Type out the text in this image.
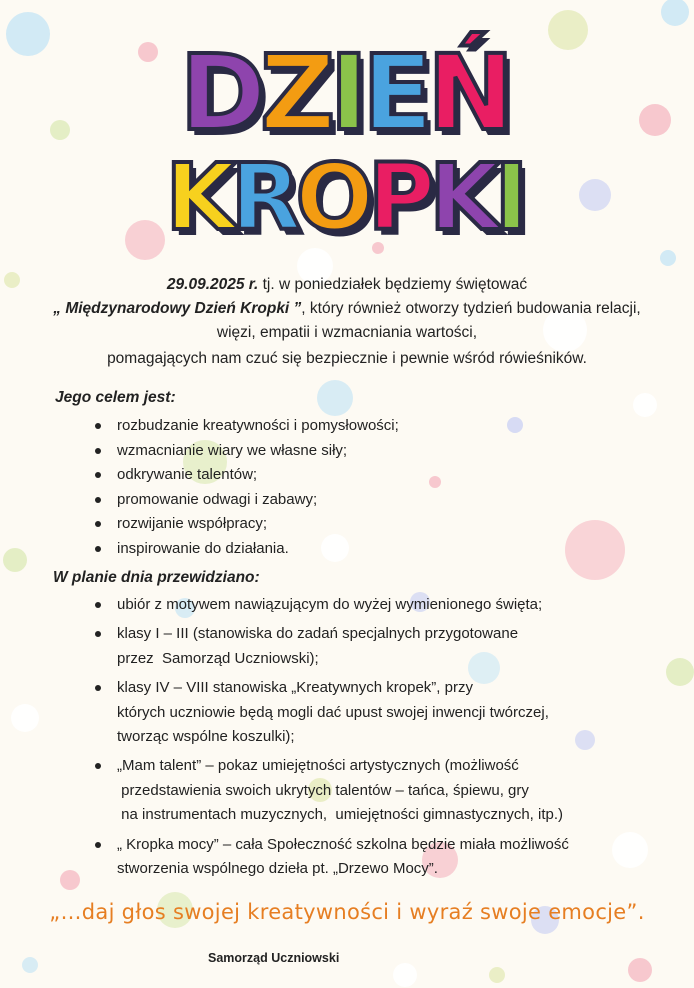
DZIEŃ
KROPKI
29.09.2025 r. tj. w poniedziałek będziemy świętować
„ Międzynarodowy Dzień Kropki ”, który również otworzy tydzień budowania relacji,
więzi, empatii i wzmacniania wartości,
pomagających nam czuć się bezpiecznie i pewnie wśród rówieśników.
Jego celem jest:
rozbudzanie kreatywności i pomysłowości;
wzmacnianie wiary we własne siły;
odkrywanie talentów;
promowanie odwagi i zabawy;
rozwijanie współpracy;
inspirowanie do działania.
W planie dnia przewidziano:
ubiór z motywem nawiązującym do wyżej wymienionego święta;
klasy I – III (stanowiska do zadań specjalnych przygotowane
przez  Samorząd Uczniowski);
klasy IV – VIII stanowiska „Kreatywnych kropek”, przy
których uczniowie będą mogli dać upust swojej inwencji twórczej,
tworząc wspólne koszulki);
„Mam talent” – pokaz umiejętności artystycznych (możliwość
przedstawienia swoich ukrytych talentów – tańca, śpiewu, gry
na instrumentach muzycznych,  umiejętności gimnastycznych, itp.)
„ Kropka mocy” – cała Społeczność szkolna będzie miała możliwość
stworzenia wspólnego dzieła pt. „Drzewo Mocy”.
„…daj głos swojej kreatywności i wyraź swoje emocje”.
Samorząd Uczniowski
